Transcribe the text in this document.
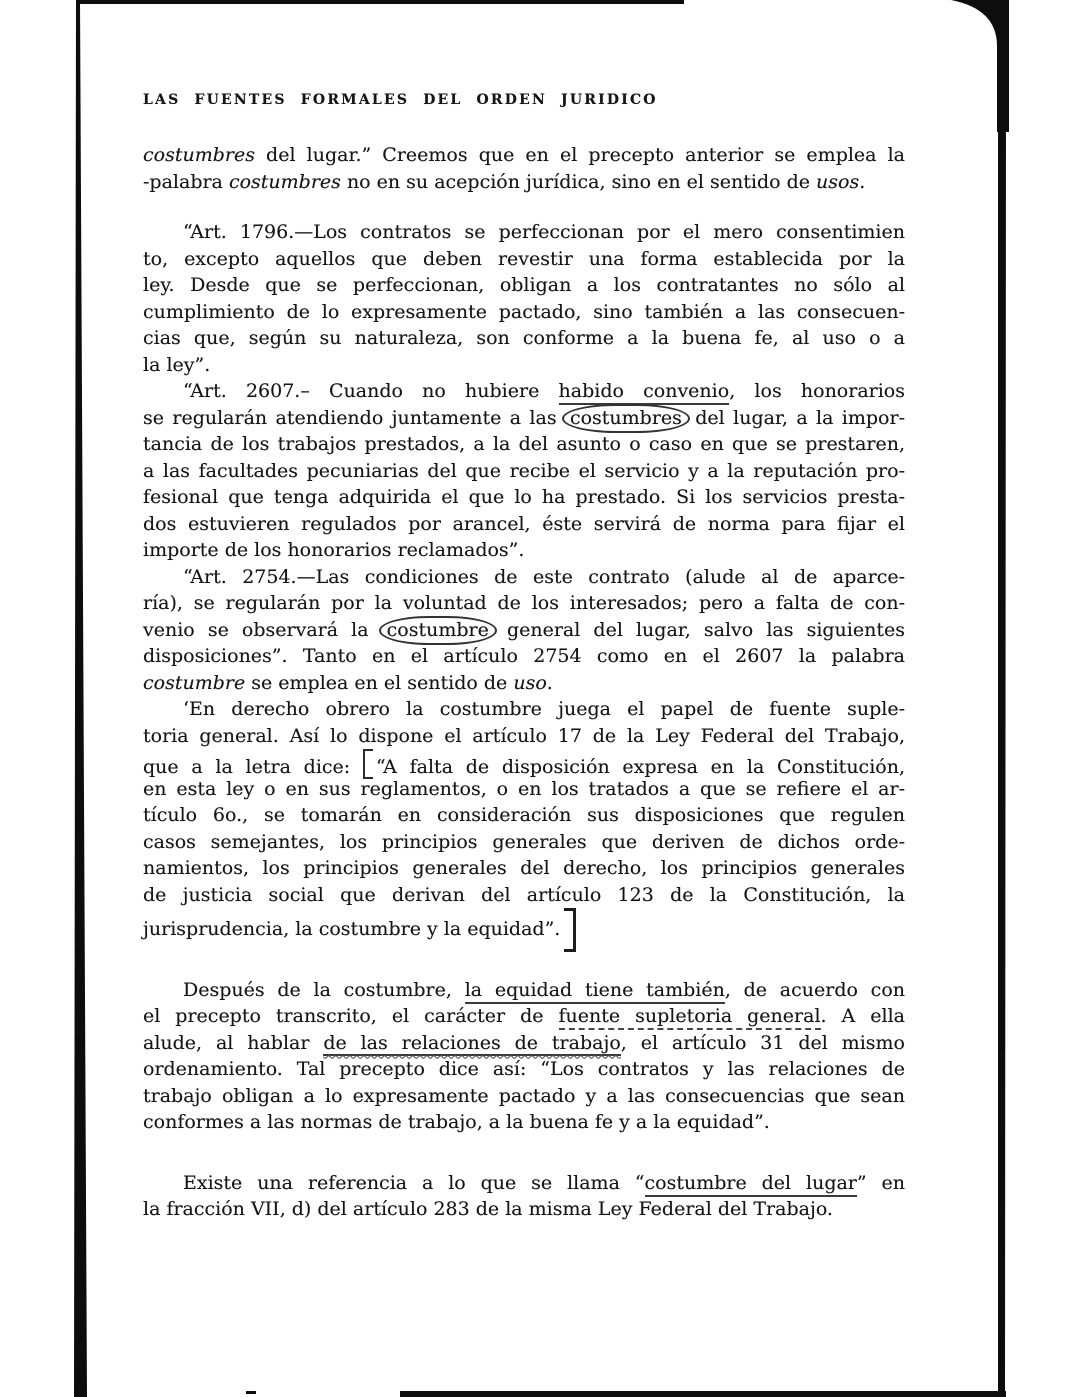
LAS FUENTES FORMALES DEL ORDEN JURIDICO
costumbres del lugar.” Creemos que en el precepto anterior se emplea la
-palabra costumbres no en su acepción jurídica, sino en el sentido de usos.
“Art. 1796.—Los contratos se perfeccionan por el mero consentimien
to, excepto aquellos que deben revestir una forma establecida por la
ley. Desde que se perfeccionan, obligan a los contratantes no sólo al
cumplimiento de lo expresamente pactado, sino también a las consecuen-
cias que, según su naturaleza, son conforme a la buena fe, al uso o a
la ley”.
“Art. 2607.– Cuando no hubiere habido convenio, los honorarios
se regularán atendiendo juntamente a las costumbres del lugar, a la impor-
tancia de los trabajos prestados, a la del asunto o caso en que se prestaren,
a las facultades pecuniarias del que recibe el servicio y a la reputación pro-
fesional que tenga adquirida el que lo ha prestado. Si los servicios presta-
dos estuvieren regulados por arancel, éste servirá de norma para fijar el
importe de los honorarios reclamados”.
“Art. 2754.—Las condiciones de este contrato (alude al de aparce-
ría), se regularán por la voluntad de los interesados; pero a falta de con-
venio se observará la costumbre general del lugar, salvo las siguientes
disposiciones”. Tanto en el artículo 2754 como en el 2607 la palabra
costumbre se emplea en el sentido de uso.
‘En derecho obrero la costumbre juega el papel de fuente suple-
toria general. Así lo dispone el artículo 17 de la Ley Federal del Trabajo,
que a la letra dice: “A falta de disposición expresa en la Constitución,
en esta ley o en sus reglamentos, o en los tratados a que se refiere el ar-
tículo 6o., se tomarán en consideración sus disposiciones que regulen
casos semejantes, los principios generales que deriven de dichos orde-
namientos, los principios generales del derecho, los principios generales
de justicia social que derivan del artículo 123 de la Constitución, la
jurisprudencia, la costumbre y la equidad”.
Después de la costumbre, la equidad tiene también, de acuerdo con
el precepto transcrito, el carácter de fuente supletoria general. A ella
alude, al hablar de las relaciones de trabajo, el artículo 31 del mismo
ordenamiento. Tal precepto dice así: “Los contratos y las relaciones de
trabajo obligan a lo expresamente pactado y a las consecuencias que sean
conformes a las normas de trabajo, a la buena fe y a la equidad”.
Existe una referencia a lo que se llama “costumbre del lugar” en
la fracción VII, d) del artículo 283 de la misma Ley Federal del Trabajo.
